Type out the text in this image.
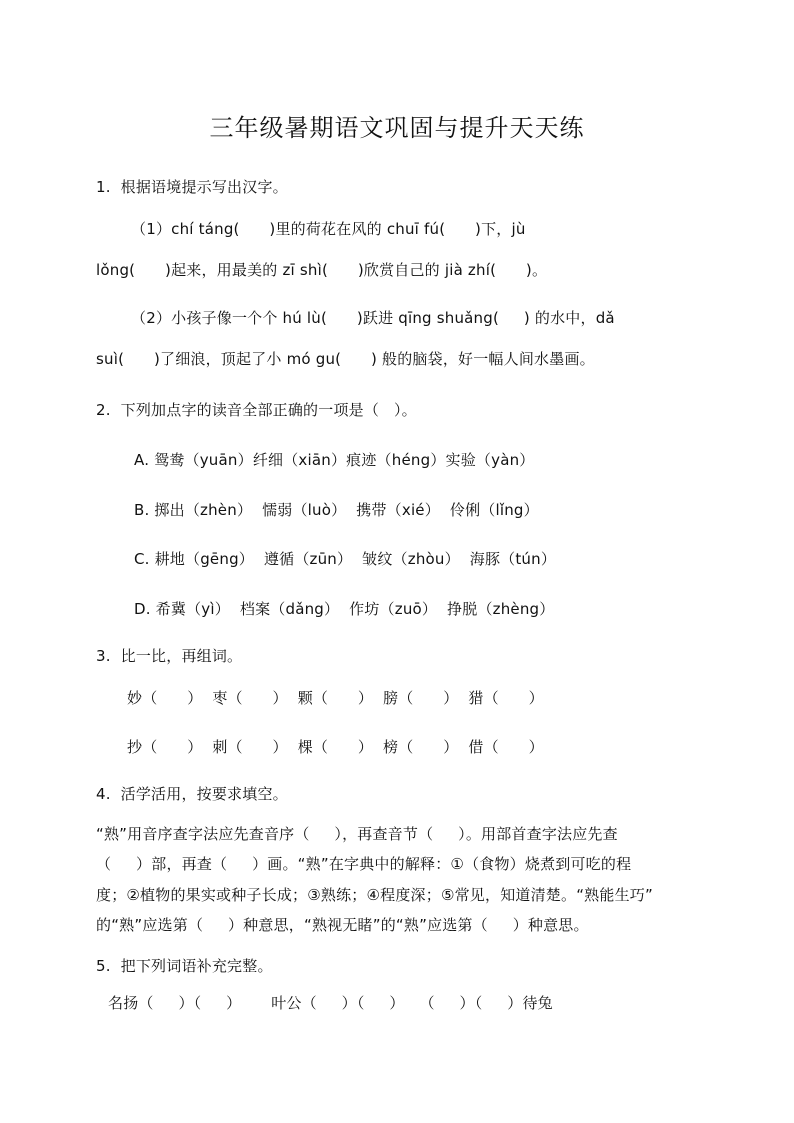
三年级暑期语文巩固与提升天天练
1.  根据语境提示写出汉字。
（1）chí táng(      )里的荷花在风的 chuī fú(      )下，jù
lǒng(      )起来，用最美的 zī shì(      )欣赏自己的 jià zhí(      )。
（2）小孩子像一个个 hú lù(      )跃进 qīng shuǎng(     ) 的水中，dǎ
suì(      )了细浪，顶起了小 mó gu(      ) 般的脑袋，好一幅人间水墨画。
2.  下列加点字的读音全部正确的一项是（   ）。
A. 鸳鸯（yuān）纤细（xiān）痕迹（héng）实验（yàn）
B. 掷出（zhèn）  懦弱（luò）  携带（xié）  伶俐（lǐng）
C. 耕地（gēng）  遵循（zūn）  皱纹（zhòu）  海豚（tún）
D. 希冀（yì）  档案（dǎng）  作坊（zuō）  挣脱（zhèng）
3.  比一比，再组词。
妙（      ）  枣（      ）  颗（      ）  膀（      ）  猎（      ）
抄（      ）  刺（      ）  棵（      ）  榜（      ）  借（      ）
4.  活学活用，按要求填空。
“熟”用音序查字法应先查音序（     ），再查音节（     ）。用部首查字法应先查
（     ）部，再查（     ）画。“熟”在字典中的解释：①（食物）烧煮到可吃的程
度；②植物的果实或种子长成；③熟练；④程度深；⑤常见，知道清楚。“熟能生巧”
的“熟”应选第（     ）种意思，“熟视无睹”的“熟”应选第（     ）种意思。
5.  把下列词语补充完整。
名扬（     ）（     ）      叶公（     ）（     ）   （     ）（     ）待兔
